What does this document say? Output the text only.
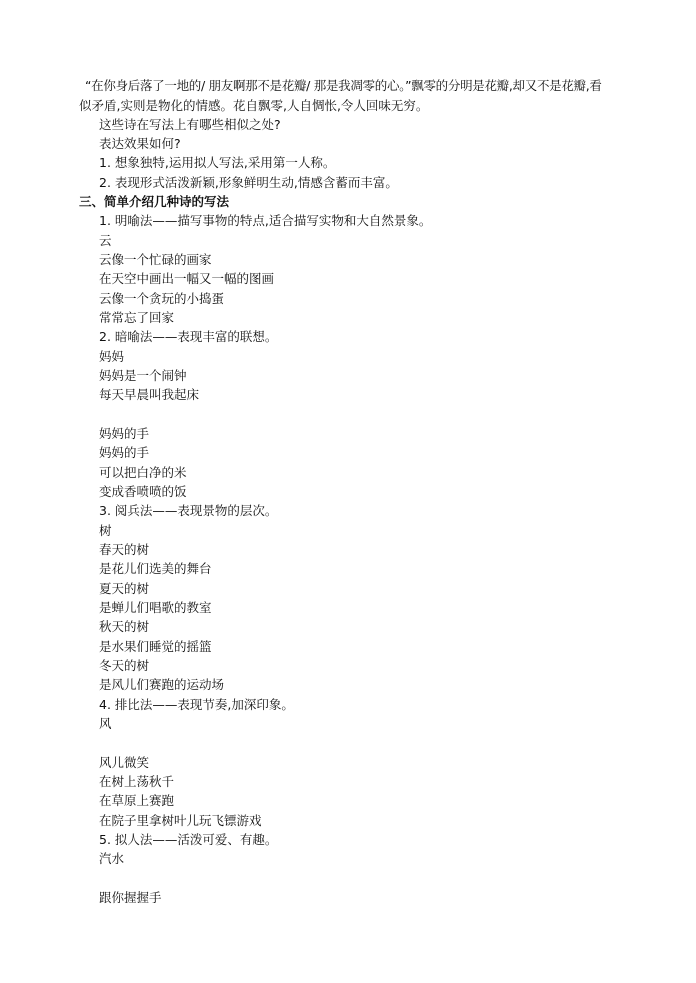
“在你身后落了一地的/ 朋友啊那不是花瓣/ 那是我凋零的心。”飘零的分明是花瓣,却又不是花瓣,看
似矛盾,实则是物化的情感。花自飘零,人自惆怅,令人回味无穷。
这些诗在写法上有哪些相似之处?
表达效果如何?
1. 想象独特,运用拟人写法,采用第一人称。
2. 表现形式活泼新颖,形象鲜明生动,情感含蓄而丰富。
三、简单介绍几种诗的写法
1. 明喻法——描写事物的特点,适合描写实物和大自然景象。
云
云像一个忙碌的画家
在天空中画出一幅又一幅的图画
云像一个贪玩的小捣蛋
常常忘了回家
2. 暗喻法——表现丰富的联想。
妈妈
妈妈是一个闹钟
每天早晨叫我起床
妈妈的手
妈妈的手
可以把白净的米
变成香喷喷的饭
3. 阅兵法——表现景物的层次。
树
春天的树
是花儿们选美的舞台
夏天的树
是蝉儿们唱歌的教室
秋天的树
是水果们睡觉的摇篮
冬天的树
是风儿们赛跑的运动场
4. 排比法——表现节奏,加深印象。
风
风儿微笑
在树上荡秋千
在草原上赛跑
在院子里拿树叶儿玩飞镖游戏
5. 拟人法——活泼可爱、有趣。
汽水
跟你握握手
